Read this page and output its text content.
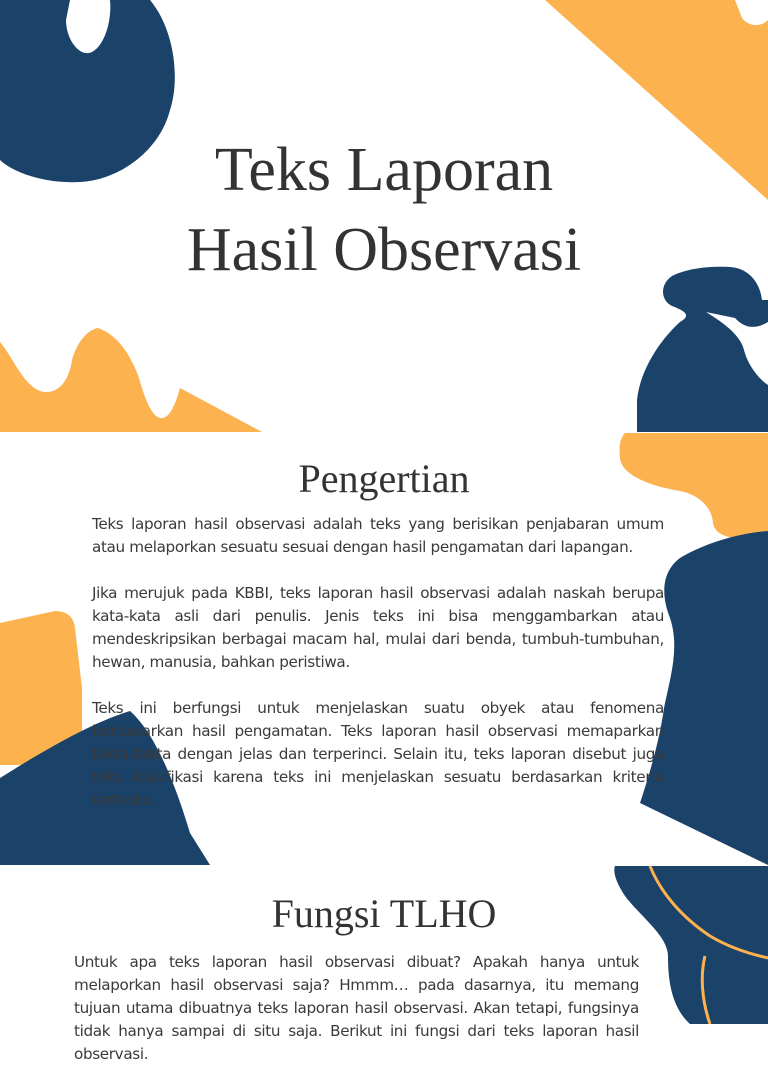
Teks Laporan
Hasil Observasi
Pengertian

Teks laporan hasil observasi adalah teks yang berisikan penjabaran umum atau melaporkan sesuatu sesuai dengan hasil pengamatan dari lapangan.

Jika merujuk pada KBBI, teks laporan hasil observasi adalah naskah berupa kata-kata asli dari penulis. Jenis teks ini bisa menggambarkan atau mendeskripsikan berbagai macam hal, mulai dari benda, tumbuh-tumbuhan, hewan, manusia, bahkan peristiwa.

Teks ini berfungsi untuk menjelaskan suatu obyek atau fenomena berdasarkan hasil pengamatan. Teks laporan hasil observasi memaparkan fakta-fakta dengan jelas dan terperinci. Selain itu, teks laporan disebut juga teks klasifikasi karena teks ini menjelaskan sesuatu berdasarkan kriteria tertentu.

Fungsi TLHO

Untuk apa teks laporan hasil observasi dibuat? Apakah hanya untuk melaporkan hasil observasi saja? Hmmm… pada dasarnya, itu memang tujuan utama dibuatnya teks laporan hasil observasi. Akan tetapi, fungsinya tidak hanya sampai di situ saja. Berikut ini fungsi dari teks laporan hasil observasi.
